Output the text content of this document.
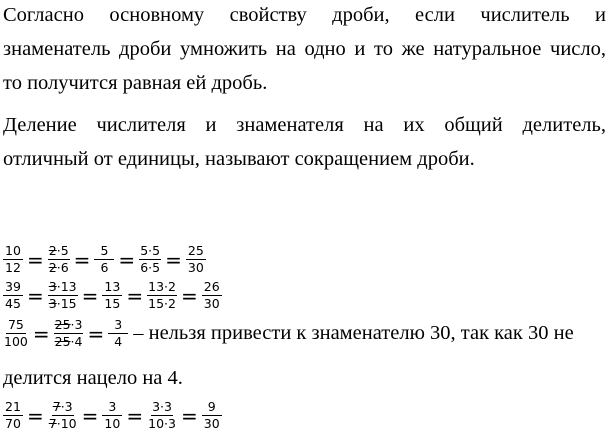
Согласно основному свойству дроби, если числитель и
знаменатель дроби умножить на одно и то же натуральное число,
то получится равная ей дробь.
Деление числителя и знаменателя на их общий делитель,
отличный от единицы, называют сокращением дроби.
$\frac{10}{12} = \frac{2\cdot 5}{2\cdot 6} = \frac{5}{6} = \frac{5\cdot 5}{6\cdot 5} = \frac{25}{30}$
$\frac{39}{45} = \frac{3\cdot 13}{3\cdot 15} = \frac{13}{15} = \frac{13\cdot 2}{15\cdot 2} = \frac{26}{30}$
$\frac{75}{100} = \frac{25\cdot 3}{25\cdot 4} = \frac{3}{4}$ – нельзя привести к знаменателю 30, так как 30 не
делится нацело на 4.
$\frac{21}{70} = \frac{7\cdot 3}{7\cdot 10} = \frac{3}{10} = \frac{3\cdot 3}{10\cdot 3} = \frac{9}{30}$
